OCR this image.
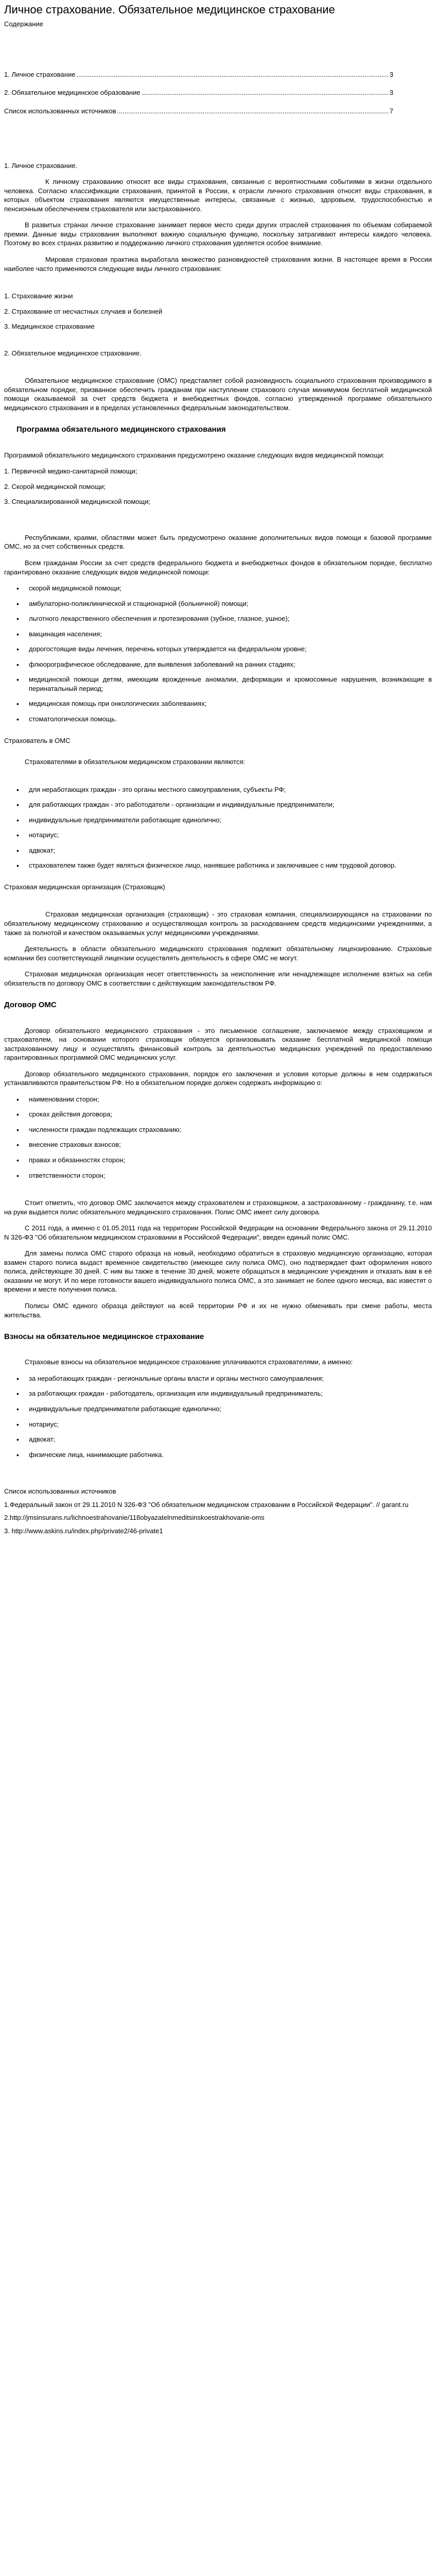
Личное страхование. Обязательное медицинское страхование
Содержание
1. Личное страхование .....	3
2. Обязательное медицинское образование .....	3
Список использованных источников .....	7

1. Личное страхование.

К личному страхованию относят все виды страхования, связанные с вероятностными событиями в жизни отдельного человека. Согласно классификации страхования, принятой в России, к отрасли личного страхования относят виды страхования, в которых объектом страхования являются имущественные интересы, связанные с жизнью, здоровьем, трудоспособностью и пенсионным обеспечением страхователя или застрахованного.

В развитых странах личное страхование занимает первое место среди других отраслей страхования по объемам собираемой премии. Данные виды страхования выполняют важную социальную функцию, поскольку затрагивают интересы каждого человека. Поэтому во всех странах развитию и поддержанию личного страхования уделяется особое внимание.

Мировая страховая практика выработала множество разновидностей страхования жизни. В настоящее время в России наиболее часто применяются следующие виды личного страхования:

1. Страхование жизни
2. Страхование от несчастных случаев и болезней
3. Медицинское страхование

2. Обязательное медицинское страхование.

Обязательное медицинское страхование (ОМС) представляет собой разновидность социального страхования производимого в обязательном порядке, призванное обеспечить гражданам при наступлении страхового случая минимумом бесплатной медицинской помощи оказываемой за счет средств бюджета и внебюджетных фондов, согласно утвержденной программе обязательного медицинского страхования и в пределах установленных федеральным законодательством.

Программа обязательного медицинского страхования

Программой обязательного медицинского страхования предусмотрено оказание следующих видов медицинской помощи:

1. Первичной медико-санитарной помощи;
2. Скорой медицинской помощи;
3. Специализированной медицинской помощи;

Республиками, краями, областями может быть предусмотрено оказание дополнительных видов помощи к базовой программе ОМС, но за счет собственных средств.

Всем гражданам России за счет средств федерального бюджета и внебюджетных фондов в обязательном порядке, бесплатно гарантировано оказание следующих видов медицинской помощи:

• скорой медицинской помощи;
• амбулаторно-поликлинической и стационарной (больничной) помощи;
• льготного лекарственного обеспечения и протезирования (зубное, глазное, ушное);
• вакцинация населения;
• дорогостоящие виды лечения, перечень которых утверждается на федеральном уровне;
• флюорографическое обследование, для выявления заболеваний на ранних стадиях;
• медицинской помощи детям, имеющим врожденные аномалии, деформации и хромосомные нарушения, возникающие в перинатальный период;
• медицинская помощь при онкологических заболеваниях;
• стоматологическая помощь.

Страхователь в ОМС

Страхователями в обязательном медицинском страховании являются:

• для неработающих граждан - это органы местного самоуправления, субъекты РФ;
• для работающих граждан - это работодатели - организации и индивидуальные предприниматели;
• индивидуальные предприниматели работающие единолично;
• нотариус;
• адвокат;
• страхователем также будет являться физическое лицо, нанявшее работника и заключившее с ним трудовой договор.

Страховая медицинская организация (Страховщик)

Страховая медицинская организация (страховщик) - это страховая компания, специализирующаяся на страховании по обязательному медицинскому страхованию и осуществляющая контроль за расходованием средств медицинскими учреждениями, а также за полнотой и качеством оказываемых услуг медицинскими учреждениями.

Деятельность в области обязательного медицинского страхования подлежит обязательному лицензированию. Страховые компании без соответствующей лицензии осуществлять деятельность в сфере ОМС не могут.

Страховая медицинская организация несет ответственность за неисполнение или ненадлежащее исполнение взятых на себя обязательств по договору ОМС в соответствии с действующим законодательством РФ.

Договор ОМС

Договор обязательного медицинского страхования - это письменное соглашение, заключаемое между страховщиком и страхователем, на основании которого страховщик обязуется организовывать оказание бесплатной медицинской помощи застрахованному лицу и осуществлять финансовый контроль за деятельностью медицинских учреждений по предоставлению гарантированных программой ОМС медицинских услуг.

Договор обязательного медицинского страхования, порядок его заключения и условия которые должны в нем содержаться устанавливаются правительством РФ. Но в обязательном порядке должен содержать информацию о:

• наименовании сторон;
• сроках действия договора;
• численности граждан подлежащих страхованию;
• внесение страховых взносов;
• правах и обязанностях сторон;
• ответственности сторон;

Стоит отметить, что договор ОМС заключается между страхователем и страховщиком, а застрахованному - гражданину, т.е. нам на руки выдается полис обязательного медицинского страхования. Полис ОМС имеет силу договора.

С 2011 года, а именно с 01.05.2011 года на территории Российской Федерации на основании Федерального закона от 29.11.2010 N 326-ФЗ "Об обязательном медицинском страховании в Российской Федерации", введен единый полис ОМС.

Для замены полиса ОМС старого образца на новый, необходимо обратиться в страховую медицинскую организацию, которая взамен старого полиса выдаст временное свидетельство (имеющее силу полиса ОМС), оно подтверждает факт оформления нового полиса, действующее 30 дней. С ним вы также в течение 30 дней, можете обращаться в медицинские учреждения и отказать вам в её оказании не могут. И по мере готовности вашего индивидуального полиса ОМС, а это занимает не более одного месяца, вас известят о времени и месте получения полиса.

Полисы ОМС единого образца действуют на всей территории РФ и их не нужно обменивать при смене работы, места жительства.

Взносы на обязательное медицинское страхование

Страховые взносы на обязательное медицинское страхование уплачиваются страхователями, а именно:

• за неработающих граждан - региональные органы власти и органы местного самоуправления;
• за работающих граждан - работодатель, организация или индивидуальный предприниматель;
• индивидуальные предприниматели работающие единолично;
• нотариус;
• адвокат;
• физические лица, нанимающие работника.
Список использованных источников
1.Федеральный закон от 29.11.2010 N 326-ФЗ "Об обязательном медицинском страховании в Российской Федерации". // garant.ru
2.http://jmsinsurans.ru/lichnoestrahovanie/118obyazatelnmeditsinskoestrakhovanie-oms
3. http://www.askins.ru/index.php/private2/46-private1
